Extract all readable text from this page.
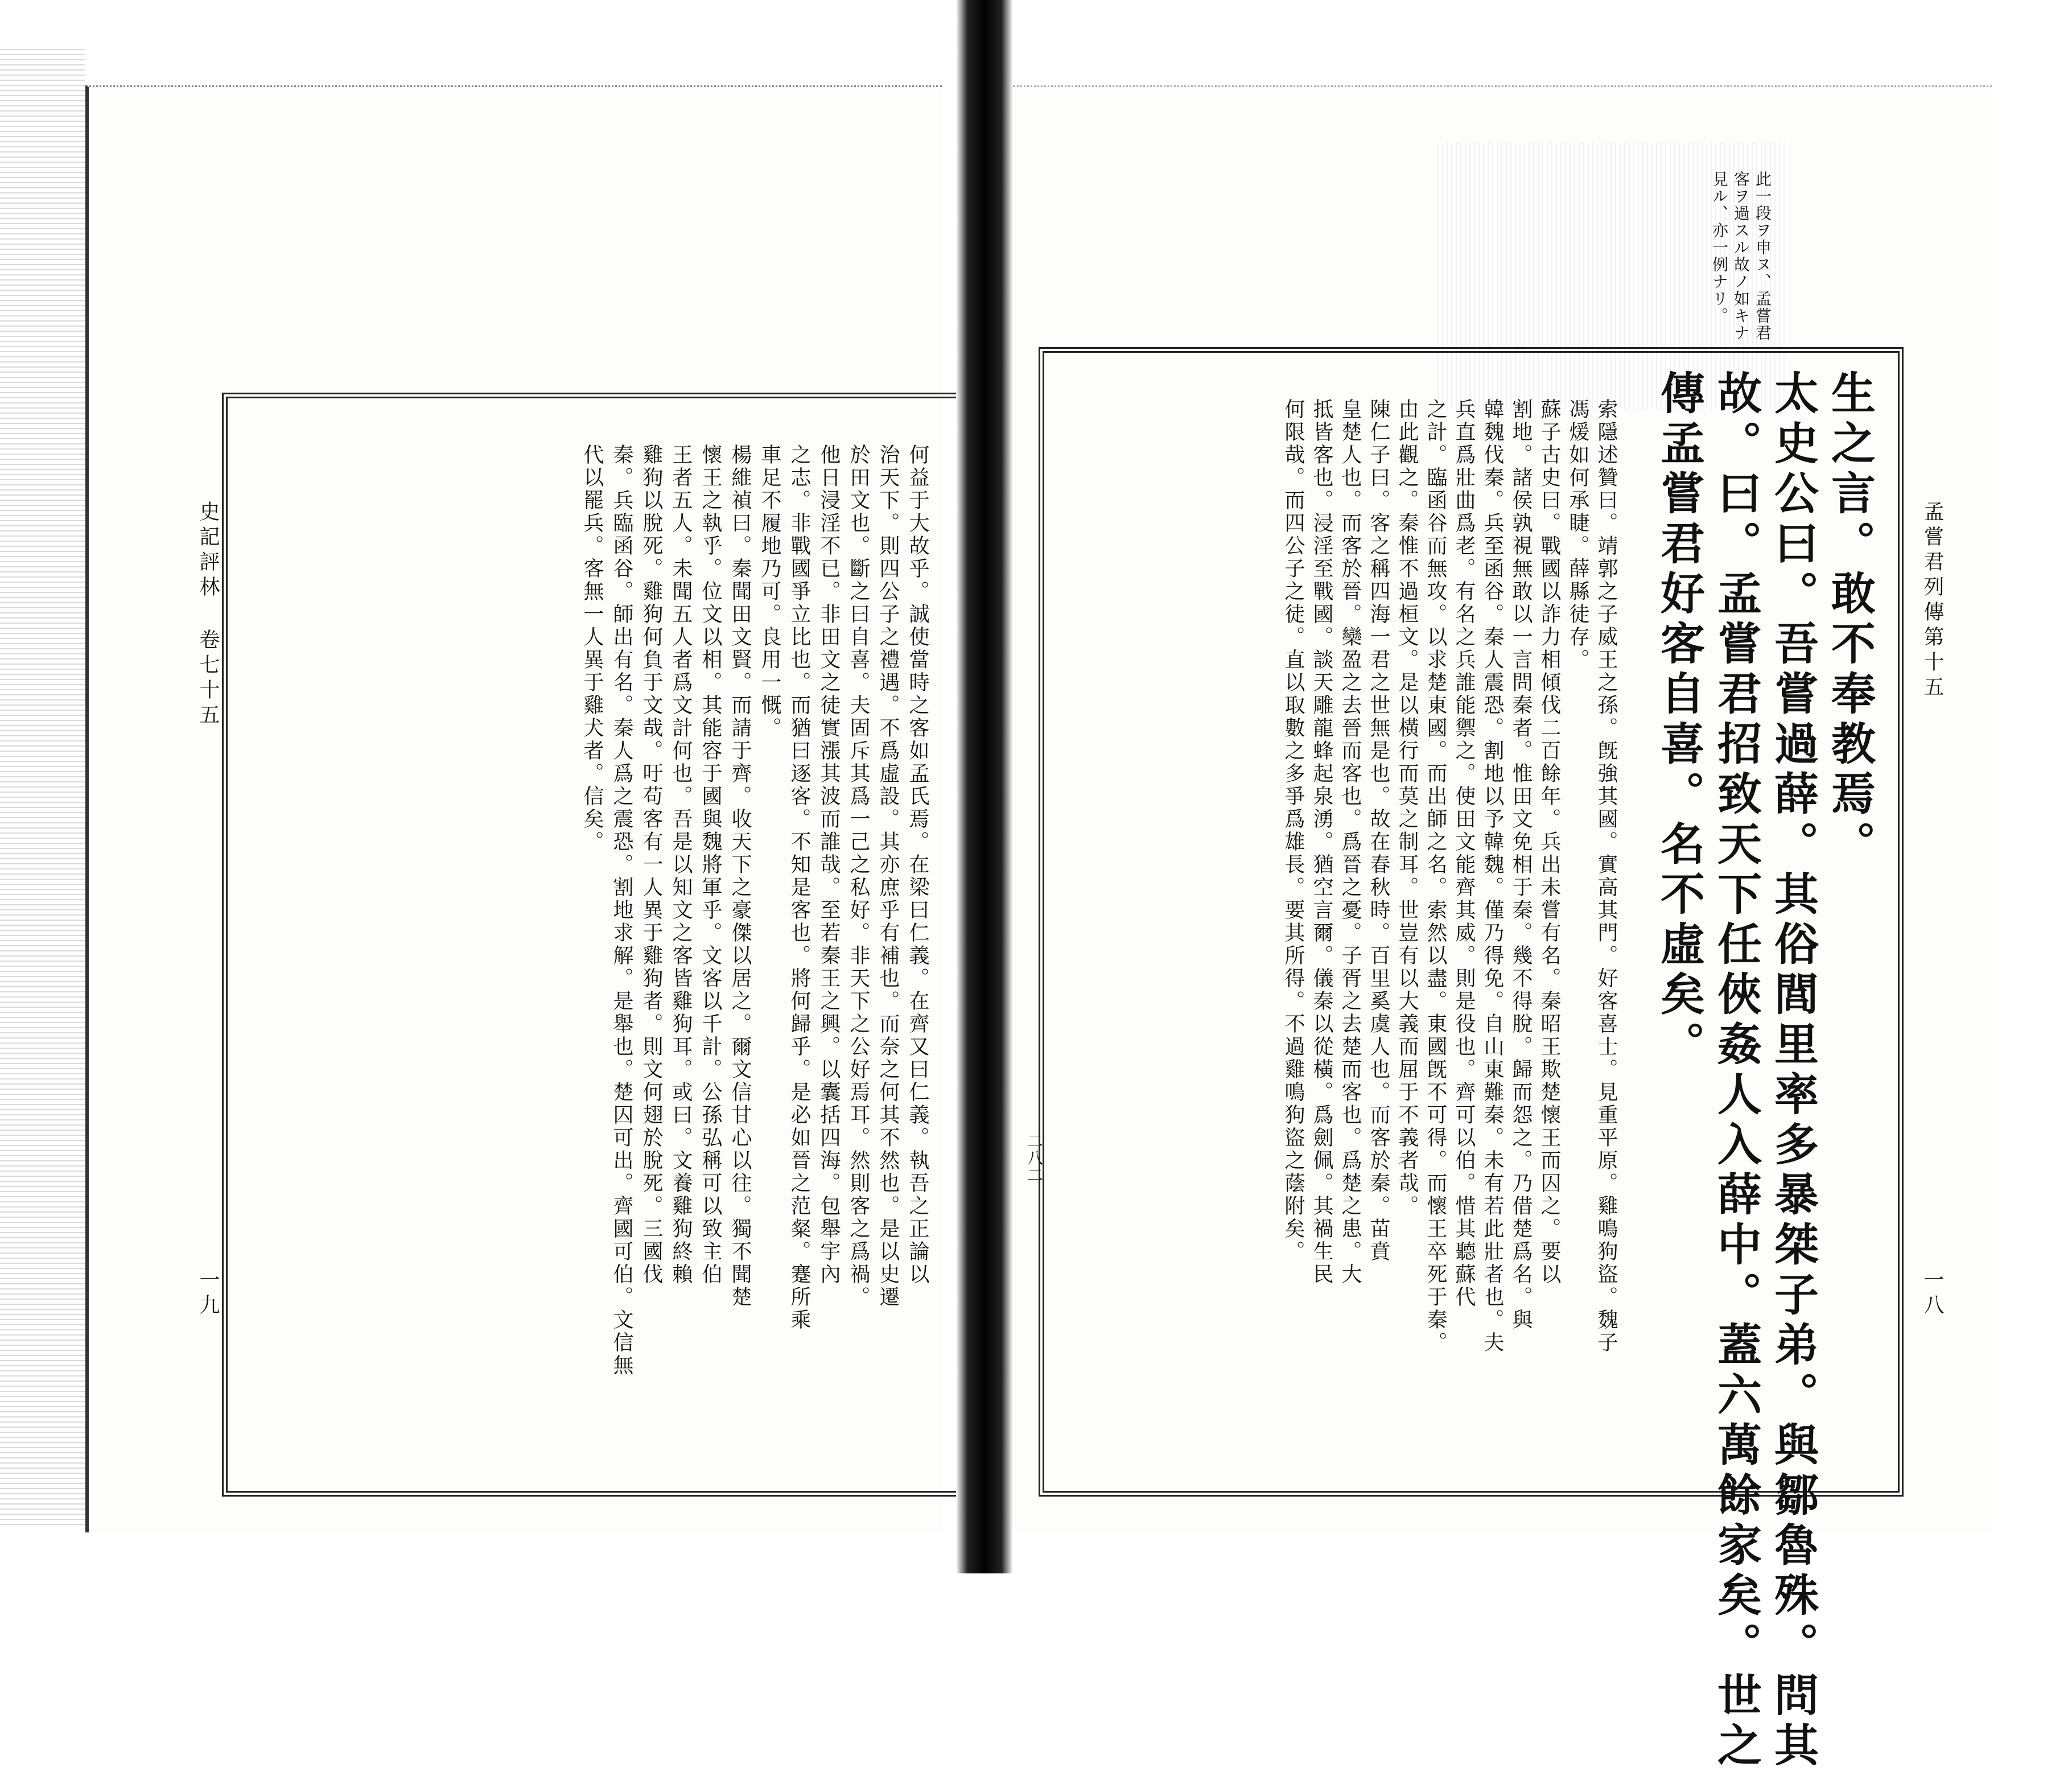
史記評林 卷七十五
一九
何益于大故乎。誠使當時之客如孟氏焉。在梁曰仁義。在齊又曰仁義。執吾之正論以
治天下。則四公子之禮遇。不爲虛設。其亦庶乎有補也。而奈之何其不然也。是以史遷
於田文也。斷之曰自喜。夫固斥其爲一己之私好。非天下之公好焉耳。然則客之爲禍。
他日浸淫不已。非田文之徒實漲其波而誰哉。至若秦王之興。以囊括四海。包舉宇內
之志。非戰國爭立比也。而猶曰逐客。不知是客也。將何歸乎。是必如晉之范粲。蹇所乘
車足不履地乃可。良用一慨。
楊維禎曰。秦聞田文賢。而請于齊。收天下之豪傑以居之。爾文信甘心以往。獨不聞楚
懷王之執乎。位文以相。其能容于國與魏將軍乎。文客以千計。公孫弘稱可以致主伯
王者五人。未聞五人者爲文計何也。吾是以知文之客皆雞狗耳。或曰。文養雞狗終賴
雞狗以脫死。雞狗何負于文哉。吁苟客有一人異于雞狗者。則文何翅於脫死。三國伐
秦。兵臨函谷。師出有名。秦人爲之震恐。割地求解。是舉也。楚囚可出。齊國可伯。文信無
代以罷兵。客無一人異于雞犬者。信矣。
此一段ヲ申ヌ、孟嘗君
客ヲ過スル故ノ如キナ
見ル、亦一例ナリ。
孟嘗君列傳第十五
一八
生之言。敢不奉教焉。
太史公曰。吾嘗過薛。其俗閭里率多暴桀子弟。與鄒魯殊。問其
故。曰。孟嘗君招致天下任俠姦人入薛中。蓋六萬餘家矣。世之
傳孟嘗君好客自喜。名不虛矣。
索隱述贊曰。靖郭之子威王之孫。旣強其國。實高其門。好客喜士。見重平原。雞鳴狗盜。魏子
馮煖如何承睫。薛縣徒存。
蘇子古史曰。戰國以詐力相傾伐二百餘年。兵出未嘗有名。秦昭王欺楚懷王而囚之。要以
割地。諸侯孰視無敢以一言問秦者。惟田文免相于秦。幾不得脫。歸而怨之。乃借楚爲名。與
韓魏伐秦。兵至函谷。秦人震恐。割地以予韓魏。僅乃得免。自山東難秦。未有若此壯者也。夫
兵直爲壯曲爲老。有名之兵誰能禦之。使田文能齊其威。則是役也。齊可以伯。惜其聽蘇代
之計。臨函谷而無攻。以求楚東國。而出師之名。索然以盡。東國旣不可得。而懷王卒死于秦。
由此觀之。秦惟不過桓文。是以橫行而莫之制耳。世豈有以大義而屈于不義者哉。
陳仁子曰。客之稱四海一君之世無是也。故在春秋時。百里奚虞人也。而客於秦。苗賁
皇楚人也。而客於晉。欒盈之去晉而客也。爲晉之憂。子胥之去楚而客也。爲楚之患。大
抵皆客也。浸淫至戰國。談天雕龍蜂起泉湧。猶空言爾。儀秦以從橫。爲劍佩。其禍生民
何限哉。而四公子之徒。直以取數之多爭爲雄長。要其所得。不過雞鳴狗盜之蔭附矣。
二八二
